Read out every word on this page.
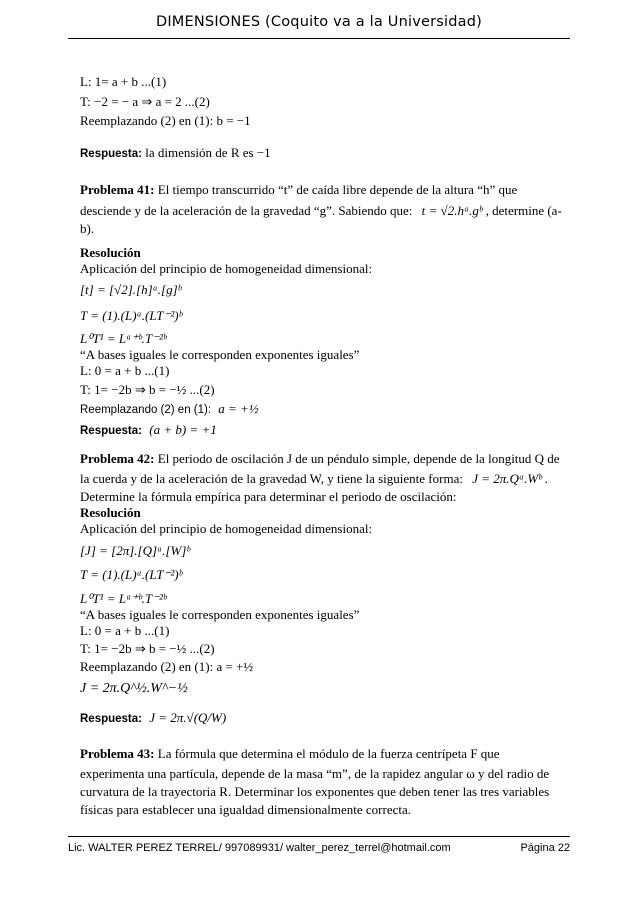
DIMENSIONES (Coquito va a la Universidad)
L: 1= a + b ...(1)
T: −2 = − a ⇒ a = 2 ...(2)
Reemplazando (2) en (1): b = −1
Respuesta: la dimensión de R es −1
Problema 41: El tiempo transcurrido “t” de caída libre depende de la altura “h” que
desciende y de la aceleración de la gravedad “g”. Sabiendo que: t = √2.hᵃ.gᵇ , determine (a-
b).
Resolución
Aplicación del principio de homogeneidad dimensional:
[t] = [√2].[h]ᵃ.[g]ᵇ
T = (1).(L)ᵃ.(LT⁻²)ᵇ
L⁰T¹ = Lᵃ⁺ᵇ.T⁻²ᵇ
“A bases iguales le corresponden exponentes iguales”
L: 0 = a + b ...(1)
T: 1= −2b ⇒ b = −½ ...(2)
Reemplazando (2) en (1): a = +½
Respuesta: (a + b) = +1
Problema 42: El periodo de oscilación J de un péndulo simple, depende de la longitud Q de
la cuerda y de la aceleración de la gravedad W, y tiene la siguiente forma: J = 2π.Qᵃ.Wᵇ .
Determine la fórmula empírica para determinar el periodo de oscilación:
Resolución
Aplicación del principio de homogeneidad dimensional:
[J] = [2π].[Q]ᵃ.[W]ᵇ
T = (1).(L)ᵃ.(LT⁻²)ᵇ
L⁰T¹ = Lᵃ⁺ᵇ.T⁻²ᵇ
“A bases iguales le corresponden exponentes iguales”
L: 0 = a + b ...(1)
T: 1= −2b ⇒ b = −½ ...(2)
Reemplazando (2) en (1): a = +½
J = 2π.Q^½.W^−½
Respuesta: J = 2π.√(Q/W)
Problema 43: La fórmula que determina el módulo de la fuerza centrípeta F que
experimenta una partícula, depende de la masa “m”, de la rapidez angular ω y del radio de
curvatura de la trayectoria R. Determinar los exponentes que deben tener las tres variables
físicas para establecer una igualdad dimensionalmente correcta.
Lic. WALTER PEREZ TERREL/ 997089931/ walter_perez_terrel@hotmail.com	Página 22
